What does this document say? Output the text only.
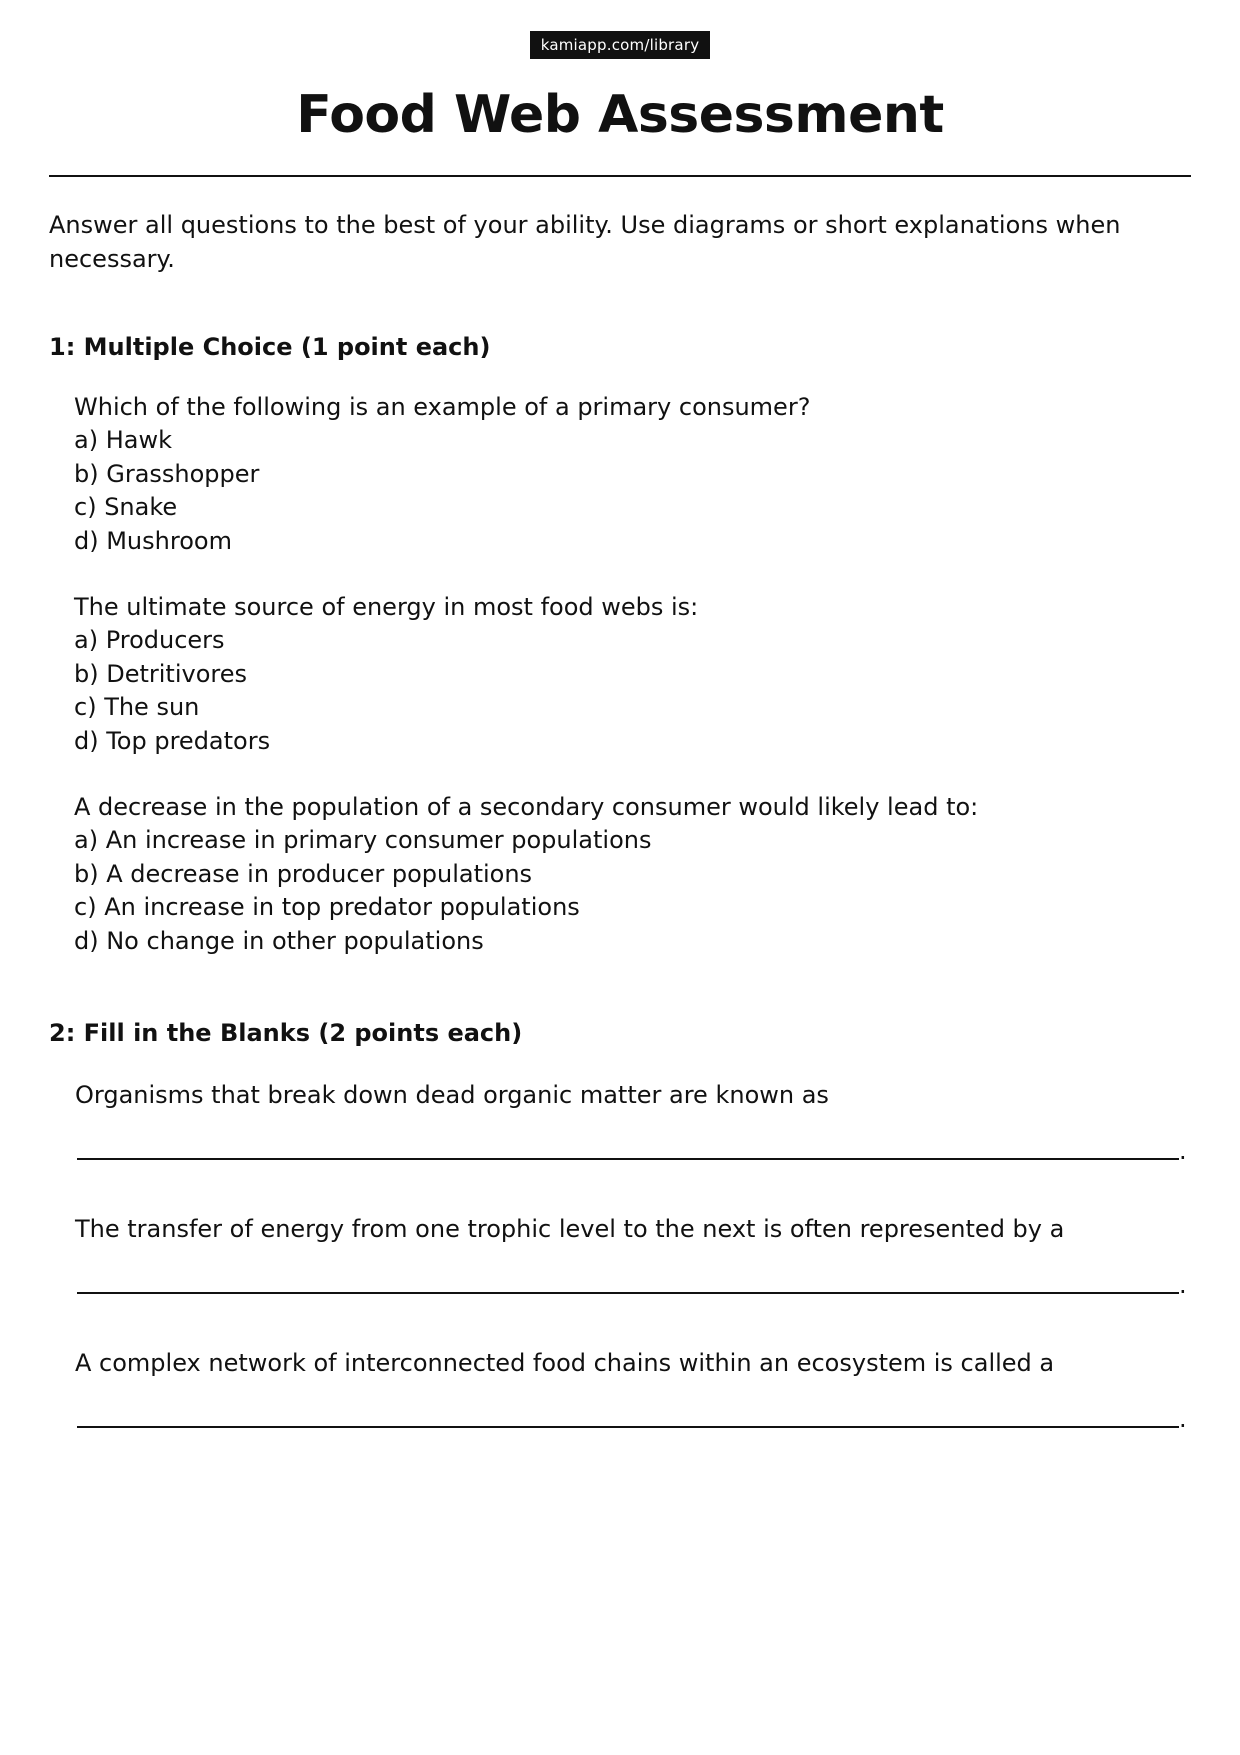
kamiapp.com/library
Food Web Assessment

Answer all questions to the best of your ability. Use diagrams or short explanations when necessary.

1: Multiple Choice (1 point each)
Which of the following is an example of a primary consumer?
a) Hawk
b) Grasshopper
c) Snake
d) Mushroom
The ultimate source of energy in most food webs is:
a) Producers
b) Detritivores
c) The sun
d) Top predators
A decrease in the population of a secondary consumer would likely lead to:
a) An increase in primary consumer populations
b) A decrease in producer populations
c) An increase in top predator populations
d) No change in other populations
2: Fill in the Blanks (2 points each)
Organisms that break down dead organic matter are known as
.
The transfer of energy from one trophic level to the next is often represented by a
.
A complex network of interconnected food chains within an ecosystem is called a
.
